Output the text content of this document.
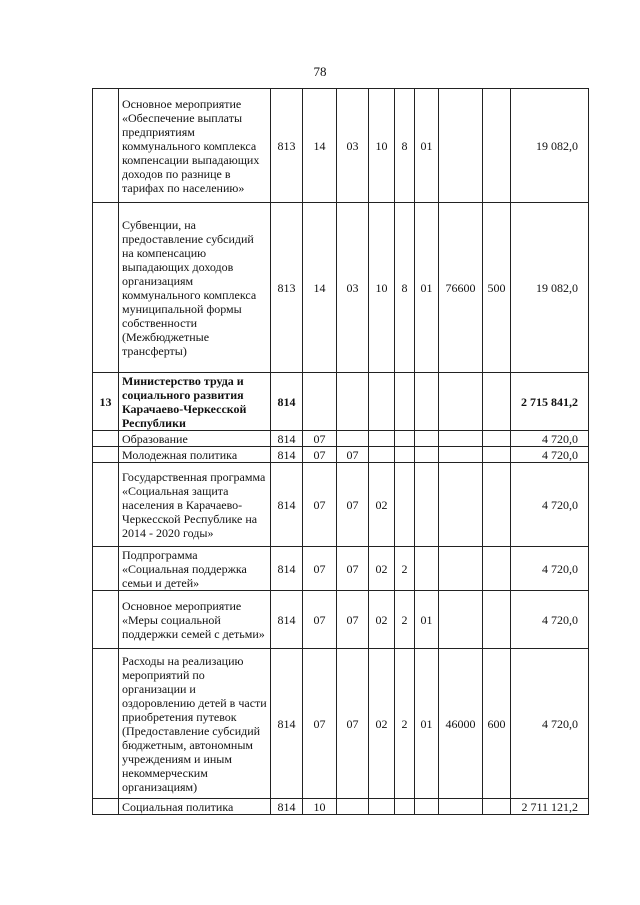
78
	Основное мероприятие «Обеспечение выплаты предприятиям коммунального комплекса компенсации выпадающих доходов по разнице в тарифах по населению»	813	14	03	10	8	01			19 082,0
	Субвенции, на предоставление субсидий на компенсацию выпадающих доходов организациям коммунального комплекса муниципальной формы собственности (Межбюджетные трансферты)	813	14	03	10	8	01	76600	500	19 082,0
13	Министерство труда и социального развития Карачаево-Черкесской Республики	814								2 715 841,2
	Образование	814	07							4 720,0
	Молодежная политика	814	07	07						4 720,0
	Государственная программа «Социальная защита населения в Карачаево-Черкесской Республике на 2014 - 2020 годы»	814	07	07	02					4 720,0
	Подпрограмма «Социальная поддержка семьи и детей»	814	07	07	02	2				4 720,0
	Основное мероприятие «Меры социальной поддержки семей с детьми»	814	07	07	02	2	01			4 720,0
	Расходы на реализацию мероприятий по организации и оздоровлению детей в части приобретения путевок (Предоставление субсидий бюджетным, автономным учреждениям и иным некоммерческим организациям)	814	07	07	02	2	01	46000	600	4 720,0
	Социальная политика	814	10							2 711 121,2
